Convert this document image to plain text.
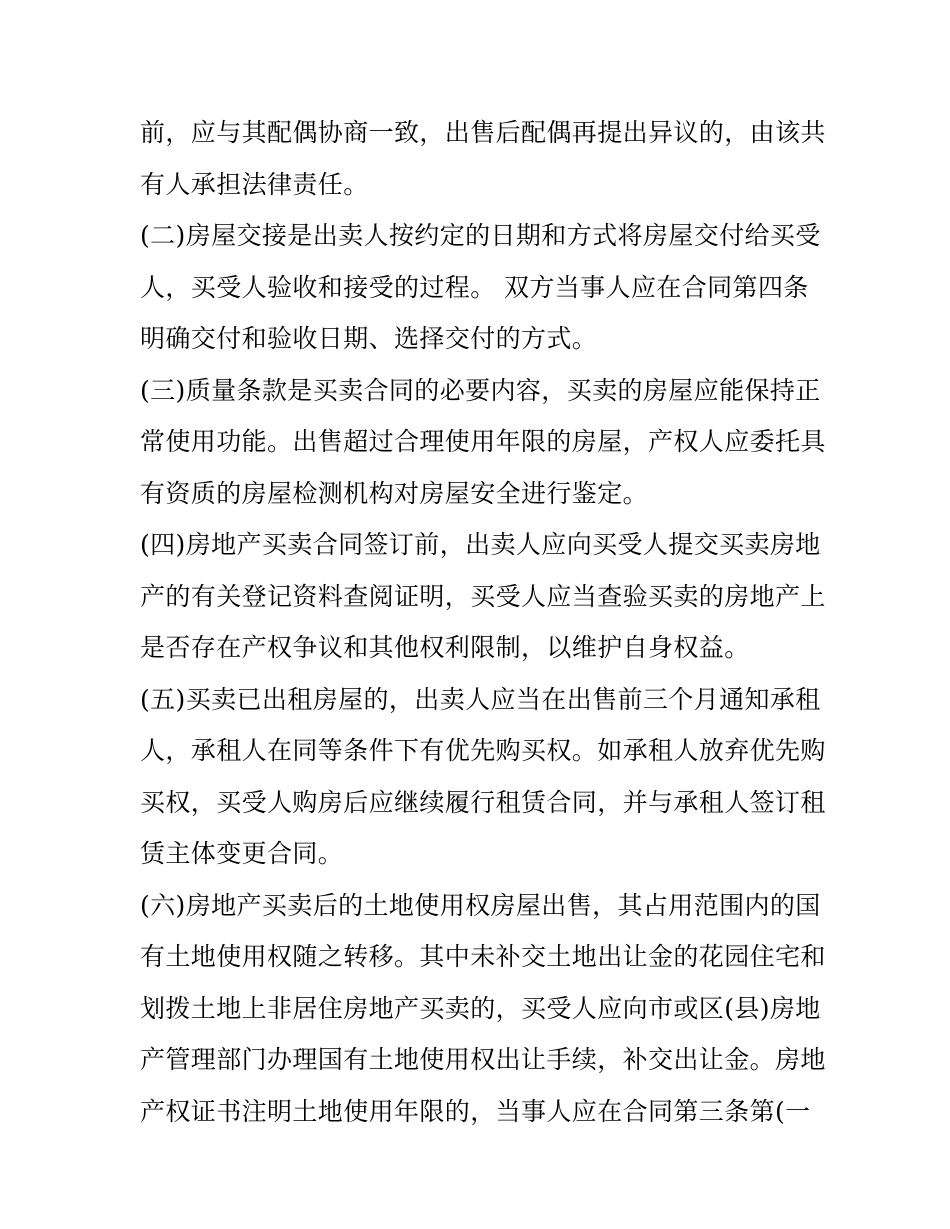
前，应与其配偶协商一致，出售后配偶再提出异议的，由该共
有人承担法律责任。
(二)房屋交接是出卖人按约定的日期和方式将房屋交付给买受
人，买受人验收和接受的过程。 双方当事人应在合同第四条
明确交付和验收日期、选择交付的方式。
(三)质量条款是买卖合同的必要内容，买卖的房屋应能保持正
常使用功能。出售超过合理使用年限的房屋，产权人应委托具
有资质的房屋检测机构对房屋安全进行鉴定。
(四)房地产买卖合同签订前，出卖人应向买受人提交买卖房地
产的有关登记资料查阅证明，买受人应当查验买卖的房地产上
是否存在产权争议和其他权利限制，以维护自身权益。
(五)买卖已出租房屋的，出卖人应当在出售前三个月通知承租
人，承租人在同等条件下有优先购买权。如承租人放弃优先购
买权，买受人购房后应继续履行租赁合同，并与承租人签订租
赁主体变更合同。
(六)房地产买卖后的土地使用权房屋出售，其占用范围内的国
有土地使用权随之转移。其中未补交土地出让金的花园住宅和
划拨土地上非居住房地产买卖的，买受人应向市或区(县)房地
产管理部门办理国有土地使用权出让手续，补交出让金。房地
产权证书注明土地使用年限的，当事人应在合同第三条第(一
